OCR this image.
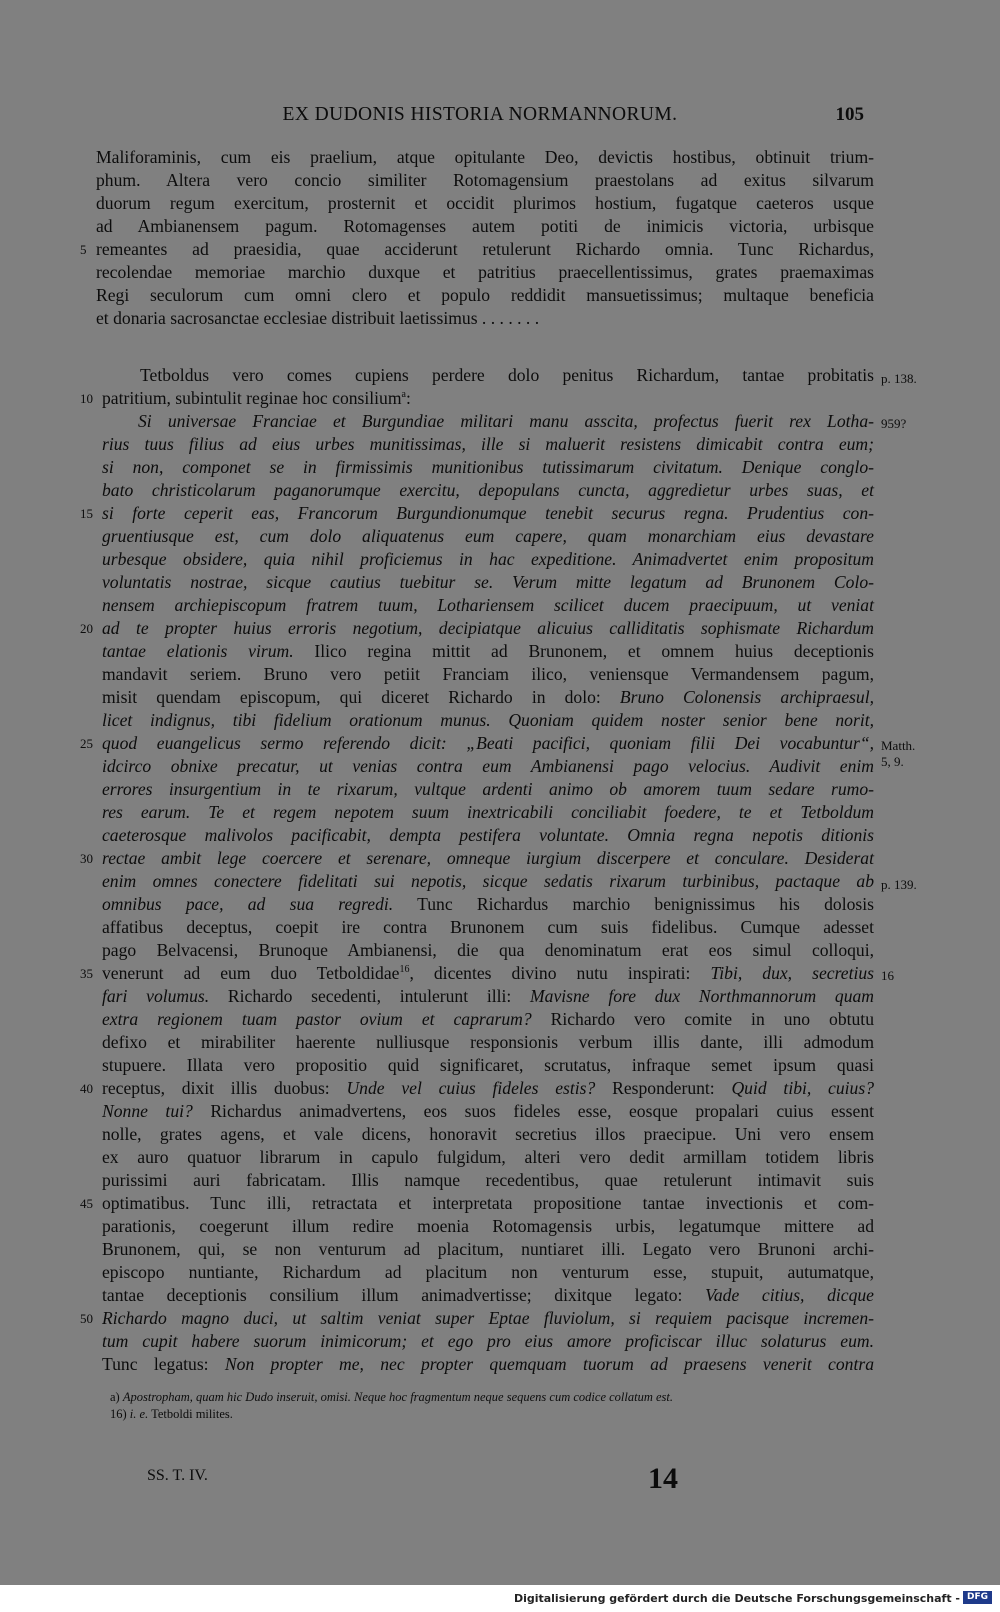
EX DUDONIS HISTORIA NORMANNORUM.	105
Maliforaminis, cum eis praelium, atque opitulante Deo, devictis hostibus, obtinuit trium-
phum. Altera vero concio similiter Rotomagensium praestolans ad exitus silvarum
duorum regum exercitum, prosternit et occidit plurimos hostium, fugatque caeteros usque
ad Ambianensem pagum. Rotomagenses autem potiti de inimicis victoria, urbisque
remeantes ad praesidia, quae acciderunt retulerunt Richardo omnia. Tunc Richardus,
recolendae memoriae marchio duxque et patritius praecellentissimus, grates praemaximas
Regi seculorum cum omni clero et populo reddidit mansuetissimus; multaque beneficia
et donaria sacrosanctae ecclesiae distribuit laetissimus . . . . . . .
Tetboldus vero comes cupiens perdere dolo penitus Richardum, tantae probitatis
patritium, subintulit reginae hoc consilium$^a$:
Si universae Franciae et Burgundiae militari manu asscita, profectus fuerit rex Lotha-
rius tuus filius ad eius urbes munitissimas, ille si maluerit resistens dimicabit contra eum;
si non, componet se in firmissimis munitionibus tutissimarum civitatum. Denique conglo-
bato christicolarum paganorumque exercitu, depopulans cuncta, aggredietur urbes suas, et
si forte ceperit eas, Francorum Burgundionumque tenebit securus regna. Prudentius con-
gruentiusque est, cum dolo aliquatenus eum capere, quam monarchiam eius devastare
urbesque obsidere, quia nihil proficiemus in hac expeditione. Animadvertet enim propositum
voluntatis nostrae, sicque cautius tuebitur se. Verum mitte legatum ad Brunonem Colo-
nensem archiepiscopum fratrem tuum, Lothariensem scilicet ducem praecipuum, ut veniat
ad te propter huius erroris negotium, decipiatque alicuius calliditatis sophismate Richardum
tantae elationis virum. Ilico regina mittit ad Brunonem, et omnem huius deceptionis
mandavit seriem. Bruno vero petiit Franciam ilico, veniensque Vermandensem pagum,
misit quendam episcopum, qui diceret Richardo in dolo: Bruno Colonensis archipraesul,
licet indignus, tibi fidelium orationum munus. Quoniam quidem noster senior bene norit,
quod euangelicus sermo referendo dicit: „Beati pacifici, quoniam filii Dei vocabuntur“,
idcirco obnixe precatur, ut venias contra eum Ambianensi pago velocius. Audivit enim
errores insurgentium in te rixarum, vultque ardenti animo ob amorem tuum sedare rumo-
res earum. Te et regem nepotem suum inextricabili conciliabit foedere, te et Tetboldum
caeterosque malivolos pacificabit, dempta pestifera voluntate. Omnia regna nepotis ditionis
rectae ambit lege coercere et serenare, omneque iurgium discerpere et conculare. Desiderat
enim omnes conectere fidelitati sui nepotis, sicque sedatis rixarum turbinibus, pactaque ab
omnibus pace, ad sua regredi. Tunc Richardus marchio benignissimus his dolosis
affatibus deceptus, coepit ire contra Brunonem cum suis fidelibus. Cumque adesset
pago Belvacensi, Brunoque Ambianensi, die qua denominatum erat eos simul colloqui,
venerunt ad eum duo Tetboldidae$^{16}$, dicentes divino nutu inspirati: Tibi, dux, secretius
fari volumus. Richardo secedenti, intulerunt illi: Mavisne fore dux Northmannorum quam
extra regionem tuam pastor ovium et caprarum? Richardo vero comite in uno obtutu
defixo et mirabiliter haerente nulliusque responsionis verbum illis dante, illi admodum
stupuere. Illata vero propositio quid significaret, scrutatus, infraque semet ipsum quasi
receptus, dixit illis duobus: Unde vel cuius fideles estis? Responderunt: Quid tibi, cuius?
Nonne tui? Richardus animadvertens, eos suos fideles esse, eosque propalari cuius essent
nolle, grates agens, et vale dicens, honoravit secretius illos praecipue. Uni vero ensem
ex auro quatuor librarum in capulo fulgidum, alteri vero dedit armillam totidem libris
purissimi auri fabricatam. Illis namque recedentibus, quae retulerunt intimavit suis
optimatibus. Tunc illi, retractata et interpretata propositione tantae invectionis et com-
parationis, coegerunt illum redire moenia Rotomagensis urbis, legatumque mittere ad
Brunonem, qui, se non venturum ad placitum, nuntiaret illi. Legato vero Brunoni archi-
episcopo nuntiante, Richardum ad placitum non venturum esse, stupuit, autumatque,
tantae deceptionis consilium illum animadvertisse; dixitque legato: Vade citius, dicque
Richardo magno duci, ut saltim veniat super Eptae fluviolum, si requiem pacisque incremen-
tum cupit habere suorum inimicorum; et ego pro eius amore proficiscar illuc solaturus eum.
Tunc legatus: Non propter me, nec propter quemquam tuorum ad praesens venerit contra
5
10
15
20
25
30
35
40
45
50
p. 138.
959?
Matth.
5, 9.
p. 139.
16
a) Apostropham, quam hic Dudo inseruit, omisi. Neque hoc fragmentum neque sequens cum codice collatum est.
16) i. e. Tetboldi milites.
SS. T. IV.	14
Digitalisierung gefördert durch die Deutsche Forschungsgemeinschaft - DFG
